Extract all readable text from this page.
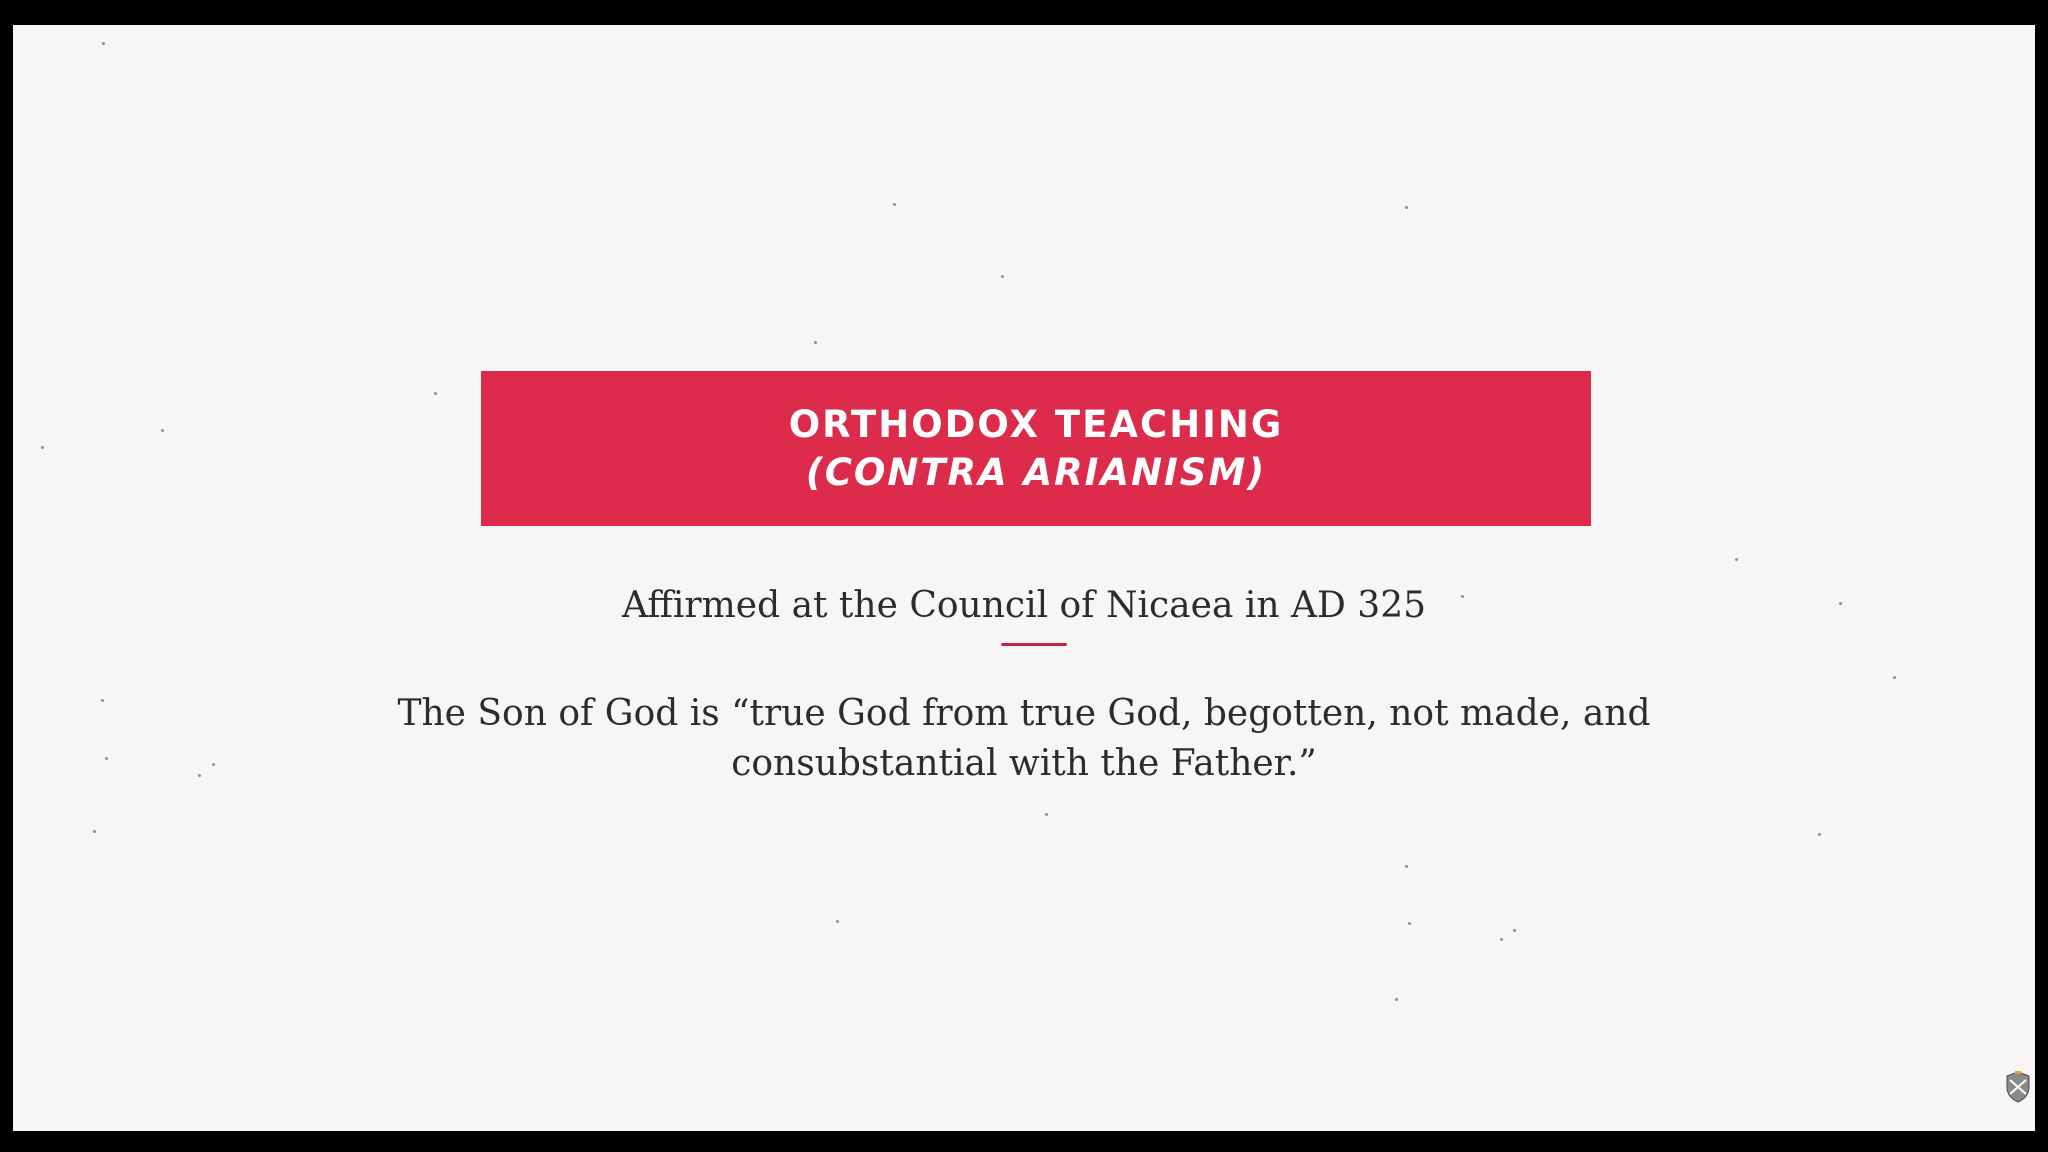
ORTHODOX TEACHING
(CONTRA ARIANISM)
Affirmed at the Council of Nicaea in AD 325
The Son of God is “true God from true God, begotten, not made, and
consubstantial with the Father.”
